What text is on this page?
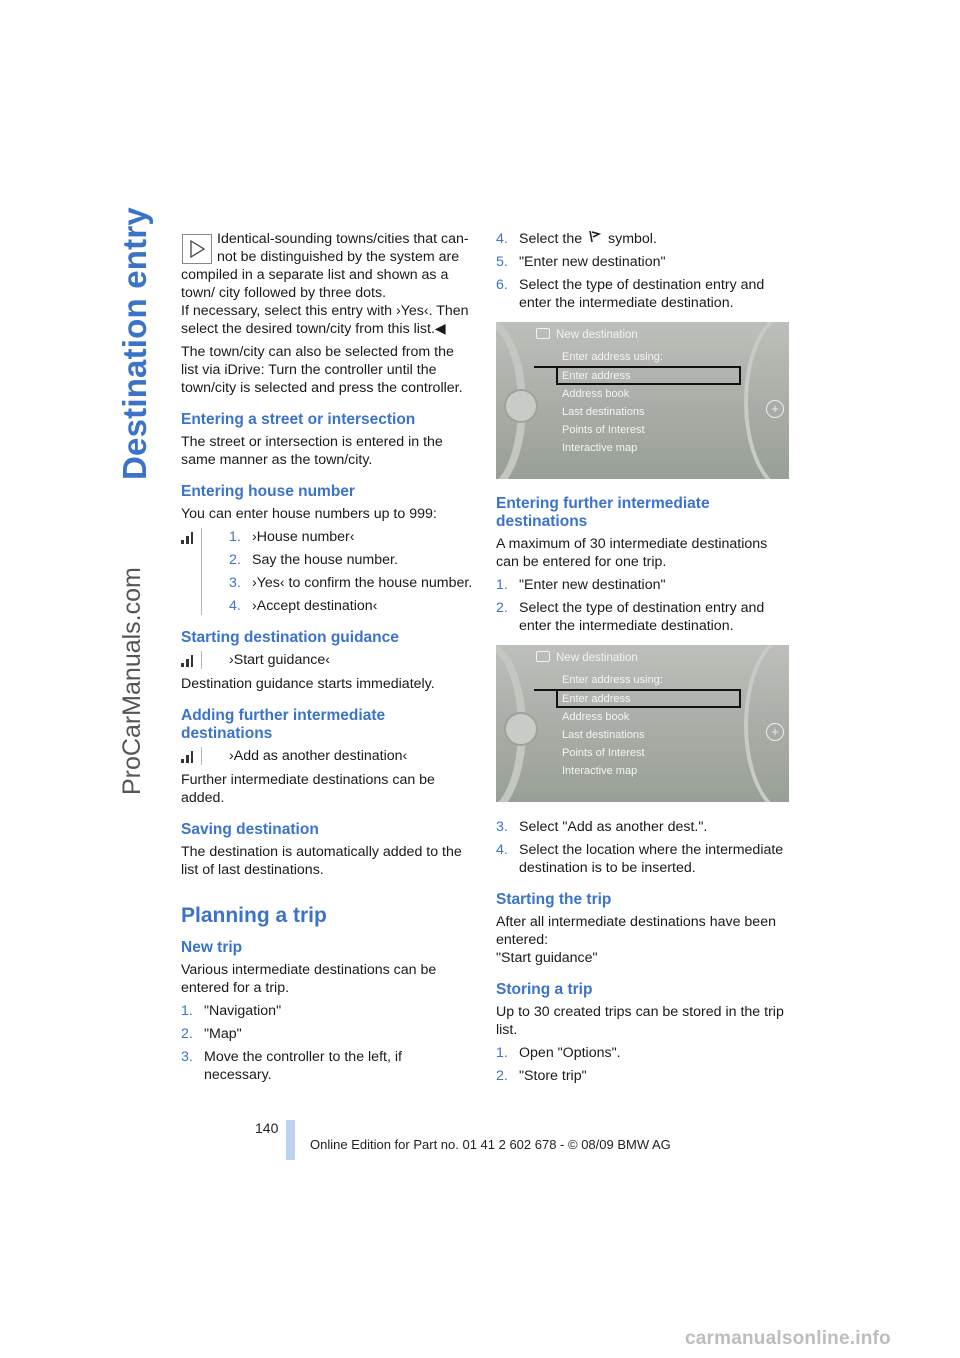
Destination entry
ProCarManuals.com

Identical-sounding towns/cities that can-

not be distinguished by the system are

compiled in a separate list and shown as a town/ city followed by three dots.

If necessary, select this entry with ›Yes‹. Then select the desired town/city from this list.◀

The town/city can also be selected from the list via iDrive: Turn the controller until the town/city is selected and press the controller.

Entering a street or intersection

The street or intersection is entered in the same manner as the town/city.

Entering house number

You can enter house numbers up to 999:

1. ›House number‹
2. Say the house number.
3. ›Yes‹ to confirm the house number.
4. ›Accept destination‹
Starting destination guidance
›Start guidance‹

Destination guidance starts immediately.

Adding further intermediate destinations
›Add as another destination‹

Further intermediate destinations can be added.

Saving destination

The destination is automatically added to the list of last destinations.

Planning a trip
New trip

Various intermediate destinations can be entered for a trip.

1. "Navigation"
2. "Map"
3. Move the controller to the left, if necessary.
4. Select the symbol.
5. "Enter new destination"
6. Select the type of destination entry and enter the intermediate destination.
New destination
Enter address using:
Enter address
Address book
Last destinations
Points of Interest
Interactive map
+
Entering further intermediate destinations

A maximum of 30 intermediate destinations can be entered for one trip.

1. "Enter new destination"
2. Select the type of destination entry and enter the intermediate destination.
New destination
Enter address using:
Enter address
Address book
Last destinations
Points of Interest
Interactive map
+
3. Select "Add as another dest.".
4. Select the location where the intermediate destination is to be inserted.
Starting the trip

After all intermediate destinations have been entered:

"Start guidance"

Storing a trip

Up to 30 created trips can be stored in the trip list.

1. Open "Options".
2. "Store trip"
140
Online Edition for Part no. 01 41 2 602 678 - © 08/09 BMW AG
carmanualsonline.info
